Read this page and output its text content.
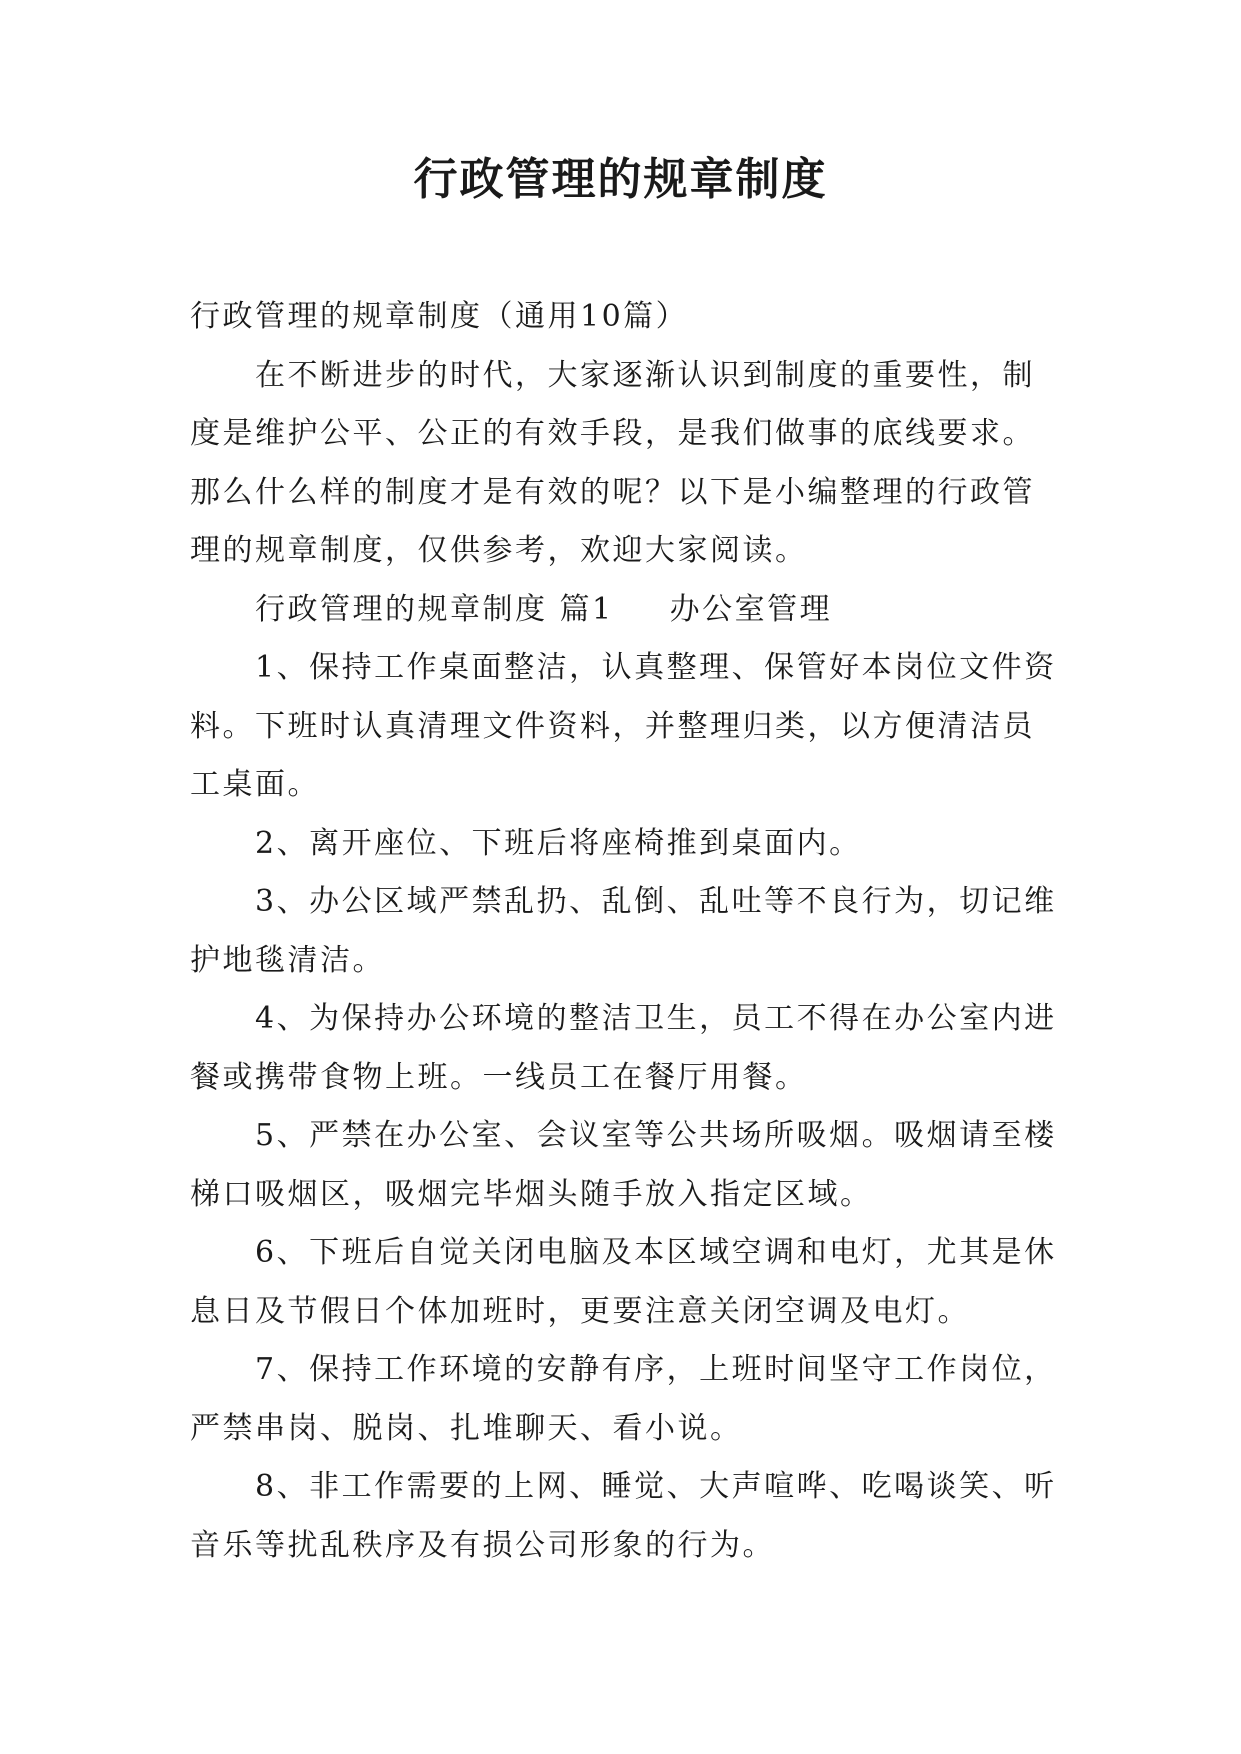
行政管理的规章制度

行政管理的规章制度（通用10篇）

在不断进步的时代，大家逐渐认识到制度的重要性，制度是维护公平、公正的有效手段，是我们做事的底线要求。那么什么样的制度才是有效的呢？以下是小编整理的行政管理的规章制度，仅供参考，欢迎大家阅读。

行政管理的规章制度 篇1 办公室管理

1、保持工作桌面整洁，认真整理、保管好本岗位文件资料。下班时认真清理文件资料，并整理归类，以方便清洁员工桌面。

2、离开座位、下班后将座椅推到桌面内。

3、办公区域严禁乱扔、乱倒、乱吐等不良行为，切记维护地毯清洁。

4、为保持办公环境的整洁卫生，员工不得在办公室内进餐或携带食物上班。一线员工在餐厅用餐。

5、严禁在办公室、会议室等公共场所吸烟。吸烟请至楼梯口吸烟区，吸烟完毕烟头随手放入指定区域。

6、下班后自觉关闭电脑及本区域空调和电灯，尤其是休息日及节假日个体加班时，更要注意关闭空调及电灯。

7、保持工作环境的安静有序，上班时间坚守工作岗位，严禁串岗、脱岗、扎堆聊天、看小说。

8、非工作需要的上网、睡觉、大声喧哗、吃喝谈笑、听音乐等扰乱秩序及有损公司形象的行为。
